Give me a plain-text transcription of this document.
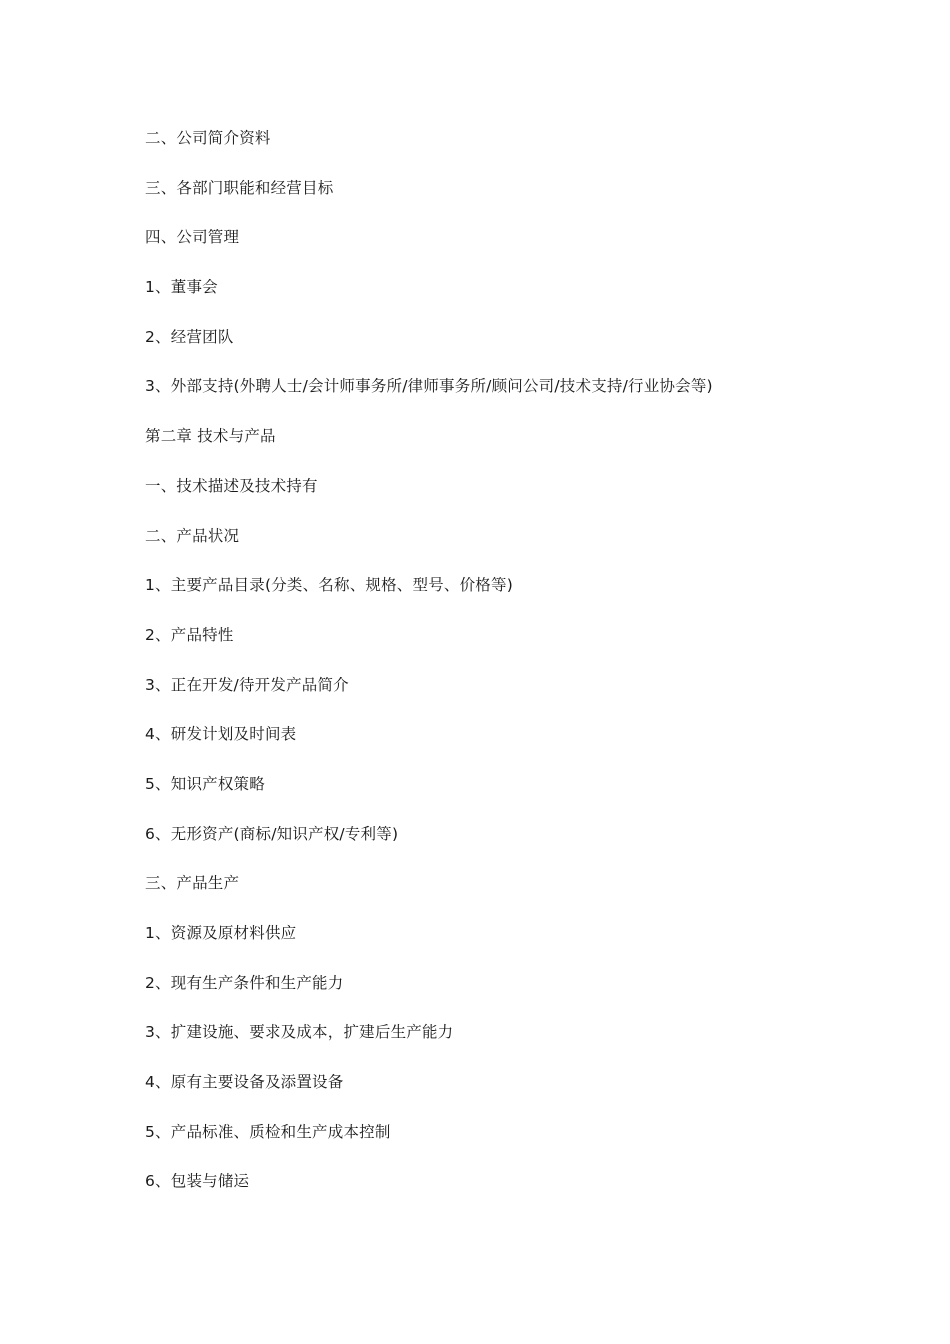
二、公司简介资料
三、各部门职能和经营目标
四、公司管理
1、董事会
2、经营团队
3、外部支持(外聘人士/会计师事务所/律师事务所/顾问公司/技术支持/行业协会等)
第二章 技术与产品
一、技术描述及技术持有
二、产品状况
1、主要产品目录(分类、名称、规格、型号、价格等)
2、产品特性
3、正在开发/待开发产品简介
4、研发计划及时间表
5、知识产权策略
6、无形资产(商标/知识产权/专利等)
三、产品生产
1、资源及原材料供应
2、现有生产条件和生产能力
3、扩建设施、要求及成本，扩建后生产能力
4、原有主要设备及添置设备
5、产品标准、质检和生产成本控制
6、包装与储运
